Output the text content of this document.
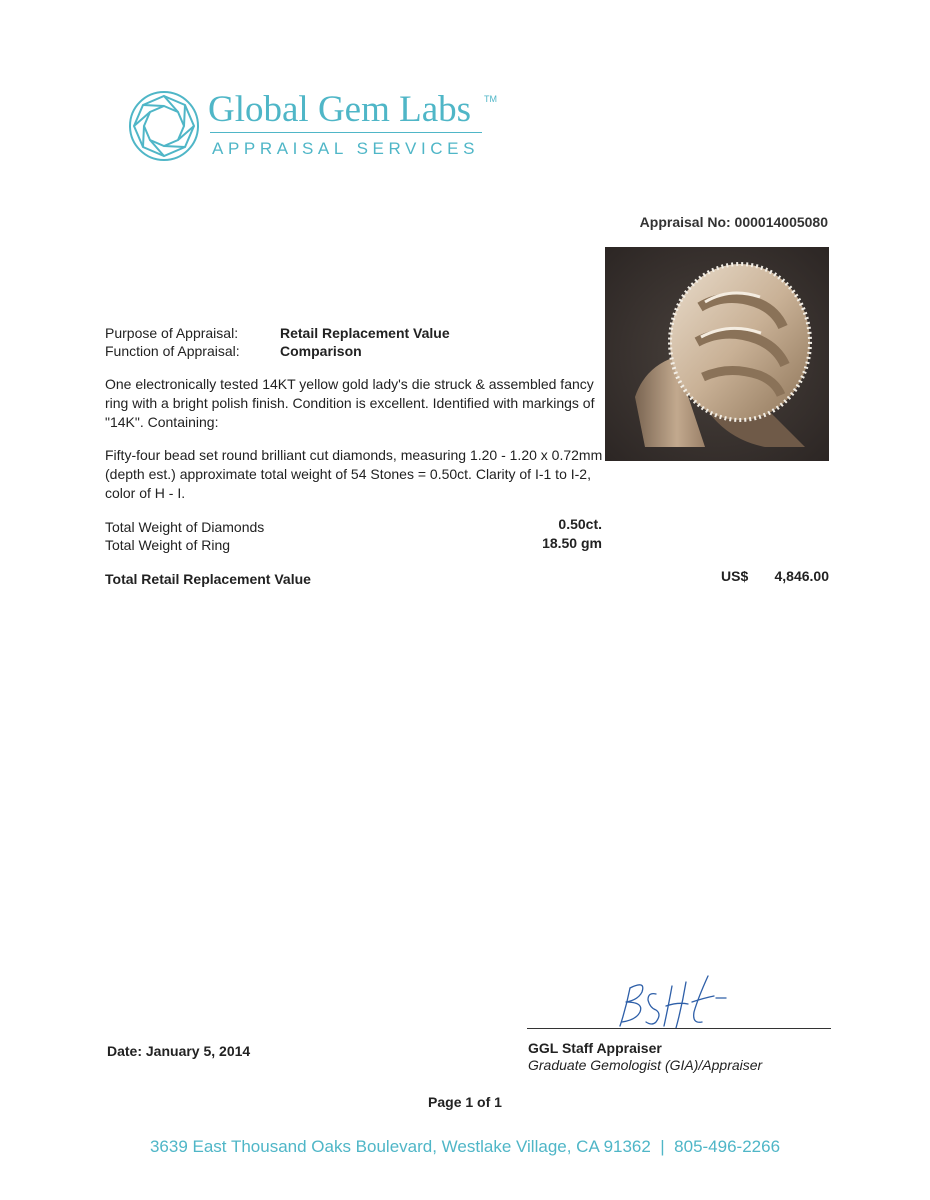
Global Gem Labs TM
APPRAISAL SERVICES
Appraisal No: 000014005080
Purpose of Appraisal:	Retail Replacement Value
Function of Appraisal:	Comparison
One electronically tested 14KT yellow gold lady's die struck & assembled fancy ring with a bright polish finish. Condition is excellent. Identified with markings of "14K". Containing:
Fifty-four bead set round brilliant cut diamonds, measuring 1.20 - 1.20 x 0.72mm (depth est.) approximate total weight of 54 Stones = 0.50ct. Clarity of I-1 to I-2, color of H - I.
Total Weight of Diamonds	0.50ct.
Total Weight of Ring	18.50 gm
Total Retail Replacement Value	US$ 4,846.00
GGL Staff Appraiser
Graduate Gemologist (GIA)/Appraiser
Date: January 5, 2014
Page 1 of 1
3639 East Thousand Oaks Boulevard, Westlake Village, CA 91362  |  805-496-2266
